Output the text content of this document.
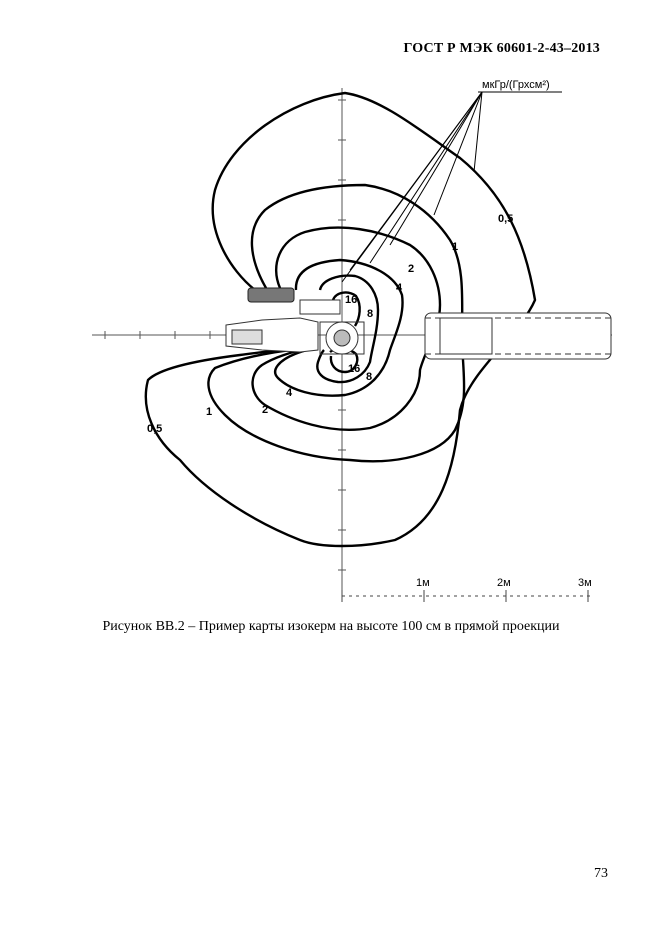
ГОСТ Р МЭК 60601-2-43–2013
1м	2м	3м
мкГр/(Грхсм²)
0,5
1
2
4
16
8
0,5
1	2
4
16
8
Рисунок ВВ.2 – Пример карты изокерм на высоте 100 см в прямой проекции
73
